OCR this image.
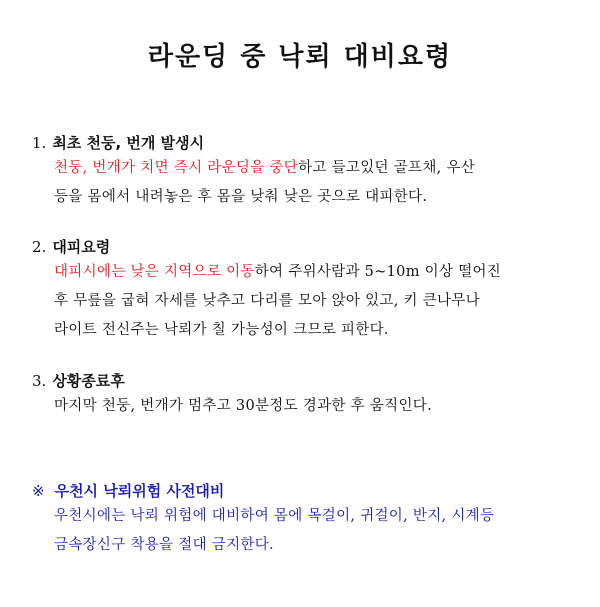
라운딩 중 낙뢰 대비요령
1. 최초 천둥, 번개 발생시
천둥, 번개가 치면 즉시 라운딩을 중단하고 들고있던 골프채, 우산
등을 몸에서 내려놓은 후 몸을 낮춰 낮은 곳으로 대피한다.
2. 대피요령
대피시에는 낮은 지역으로 이동하여 주위사람과 5~10m 이상 떨어진
후 무릎을 굽혀 자세를 낮추고 다리를 모아 앉아 있고, 키 큰나무나
라이트 전신주는 낙뢰가 칠 가능성이 크므로 피한다.
3. 상황종료후
마지막 천둥, 번개가 멈추고 30분정도 경과한 후 움직인다.
※ 우천시 낙뢰위험 사전대비
우천시에는 낙뢰 위험에 대비하여 몸에 목걸이, 귀걸이, 반지, 시계등
금속장신구 착용을 절대 금지한다.
